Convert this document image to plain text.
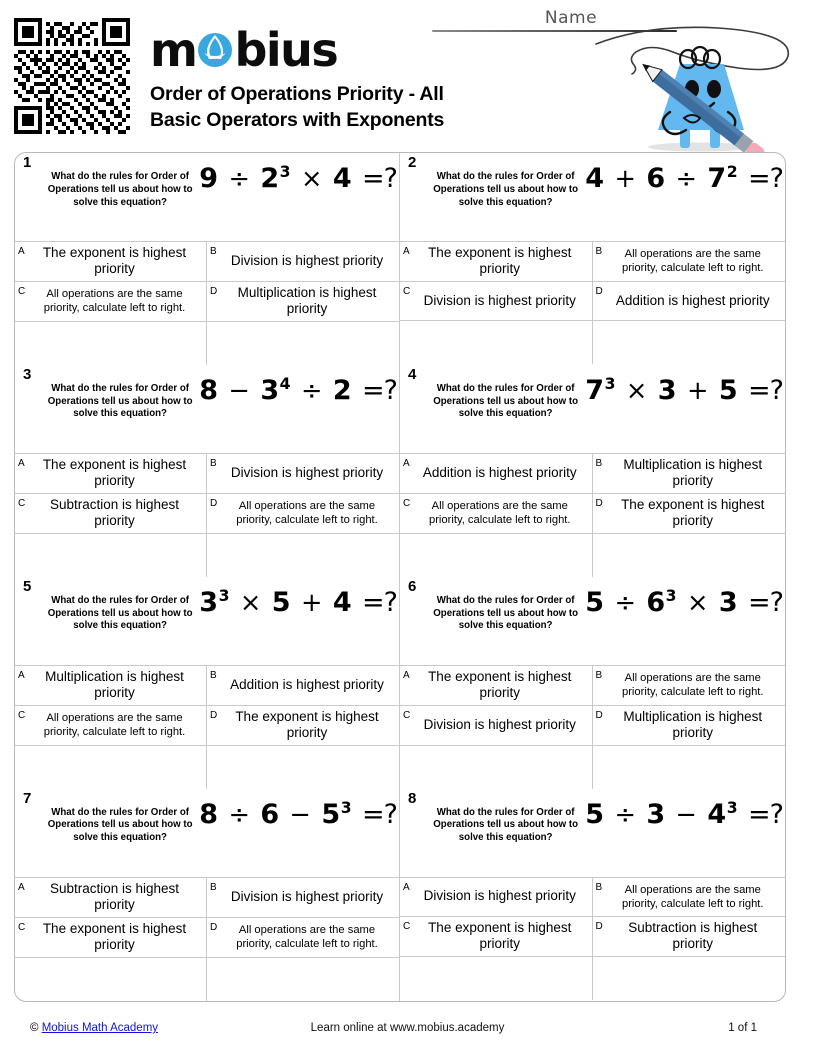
m bius
Order of Operations Priority - All Basic Operators with Exponents
Name
1
What do the rules for Order of Operations tell us about how to solve this equation?
$9 \div 2^3 \times 4$ =?
A	The exponent is highest priority
B
Division is highest priority
C	All operations are the same priority, calculate left to right.
D	Multiplication is highest priority
2
What do the rules for Order of Operations tell us about how to solve this equation?
$4 + 6 \div 7^2$ =?
A	The exponent is highest priority
B	All operations are the same priority, calculate left to right.
C
Division is highest priority
D
Addition is highest priority
3
What do the rules for Order of Operations tell us about how to solve this equation?
$8 - 3^4 \div 2$ =?
A	The exponent is highest priority
B
Division is highest priority
C	Subtraction is highest priority
D	All operations are the same priority, calculate left to right.
4
What do the rules for Order of Operations tell us about how to solve this equation?
$7^3 \times 3 + 5$ =?
A
Addition is highest priority
B	Multiplication is highest priority
C	All operations are the same priority, calculate left to right.
D	The exponent is highest priority
5
What do the rules for Order of Operations tell us about how to solve this equation?
$3^3 \times 5 + 4$ =?
A	Multiplication is highest priority
B
Addition is highest priority
C	All operations are the same priority, calculate left to right.
D	The exponent is highest priority
6
What do the rules for Order of Operations tell us about how to solve this equation?
$5 \div 6^3 \times 3$ =?
A	The exponent is highest priority
B	All operations are the same priority, calculate left to right.
C
Division is highest priority
D	Multiplication is highest priority
7
What do the rules for Order of Operations tell us about how to solve this equation?
$8 \div 6 - 5^3$ =?
A	Subtraction is highest priority
B
Division is highest priority
C	The exponent is highest priority
D	All operations are the same priority, calculate left to right.
8
What do the rules for Order of Operations tell us about how to solve this equation?
$5 \div 3 - 4^3$ =?
A
Division is highest priority
B	All operations are the same priority, calculate left to right.
C	The exponent is highest priority
D	Subtraction is highest priority
© Mobius Math Academy	Learn online at www.mobius.academy	1 of 1
